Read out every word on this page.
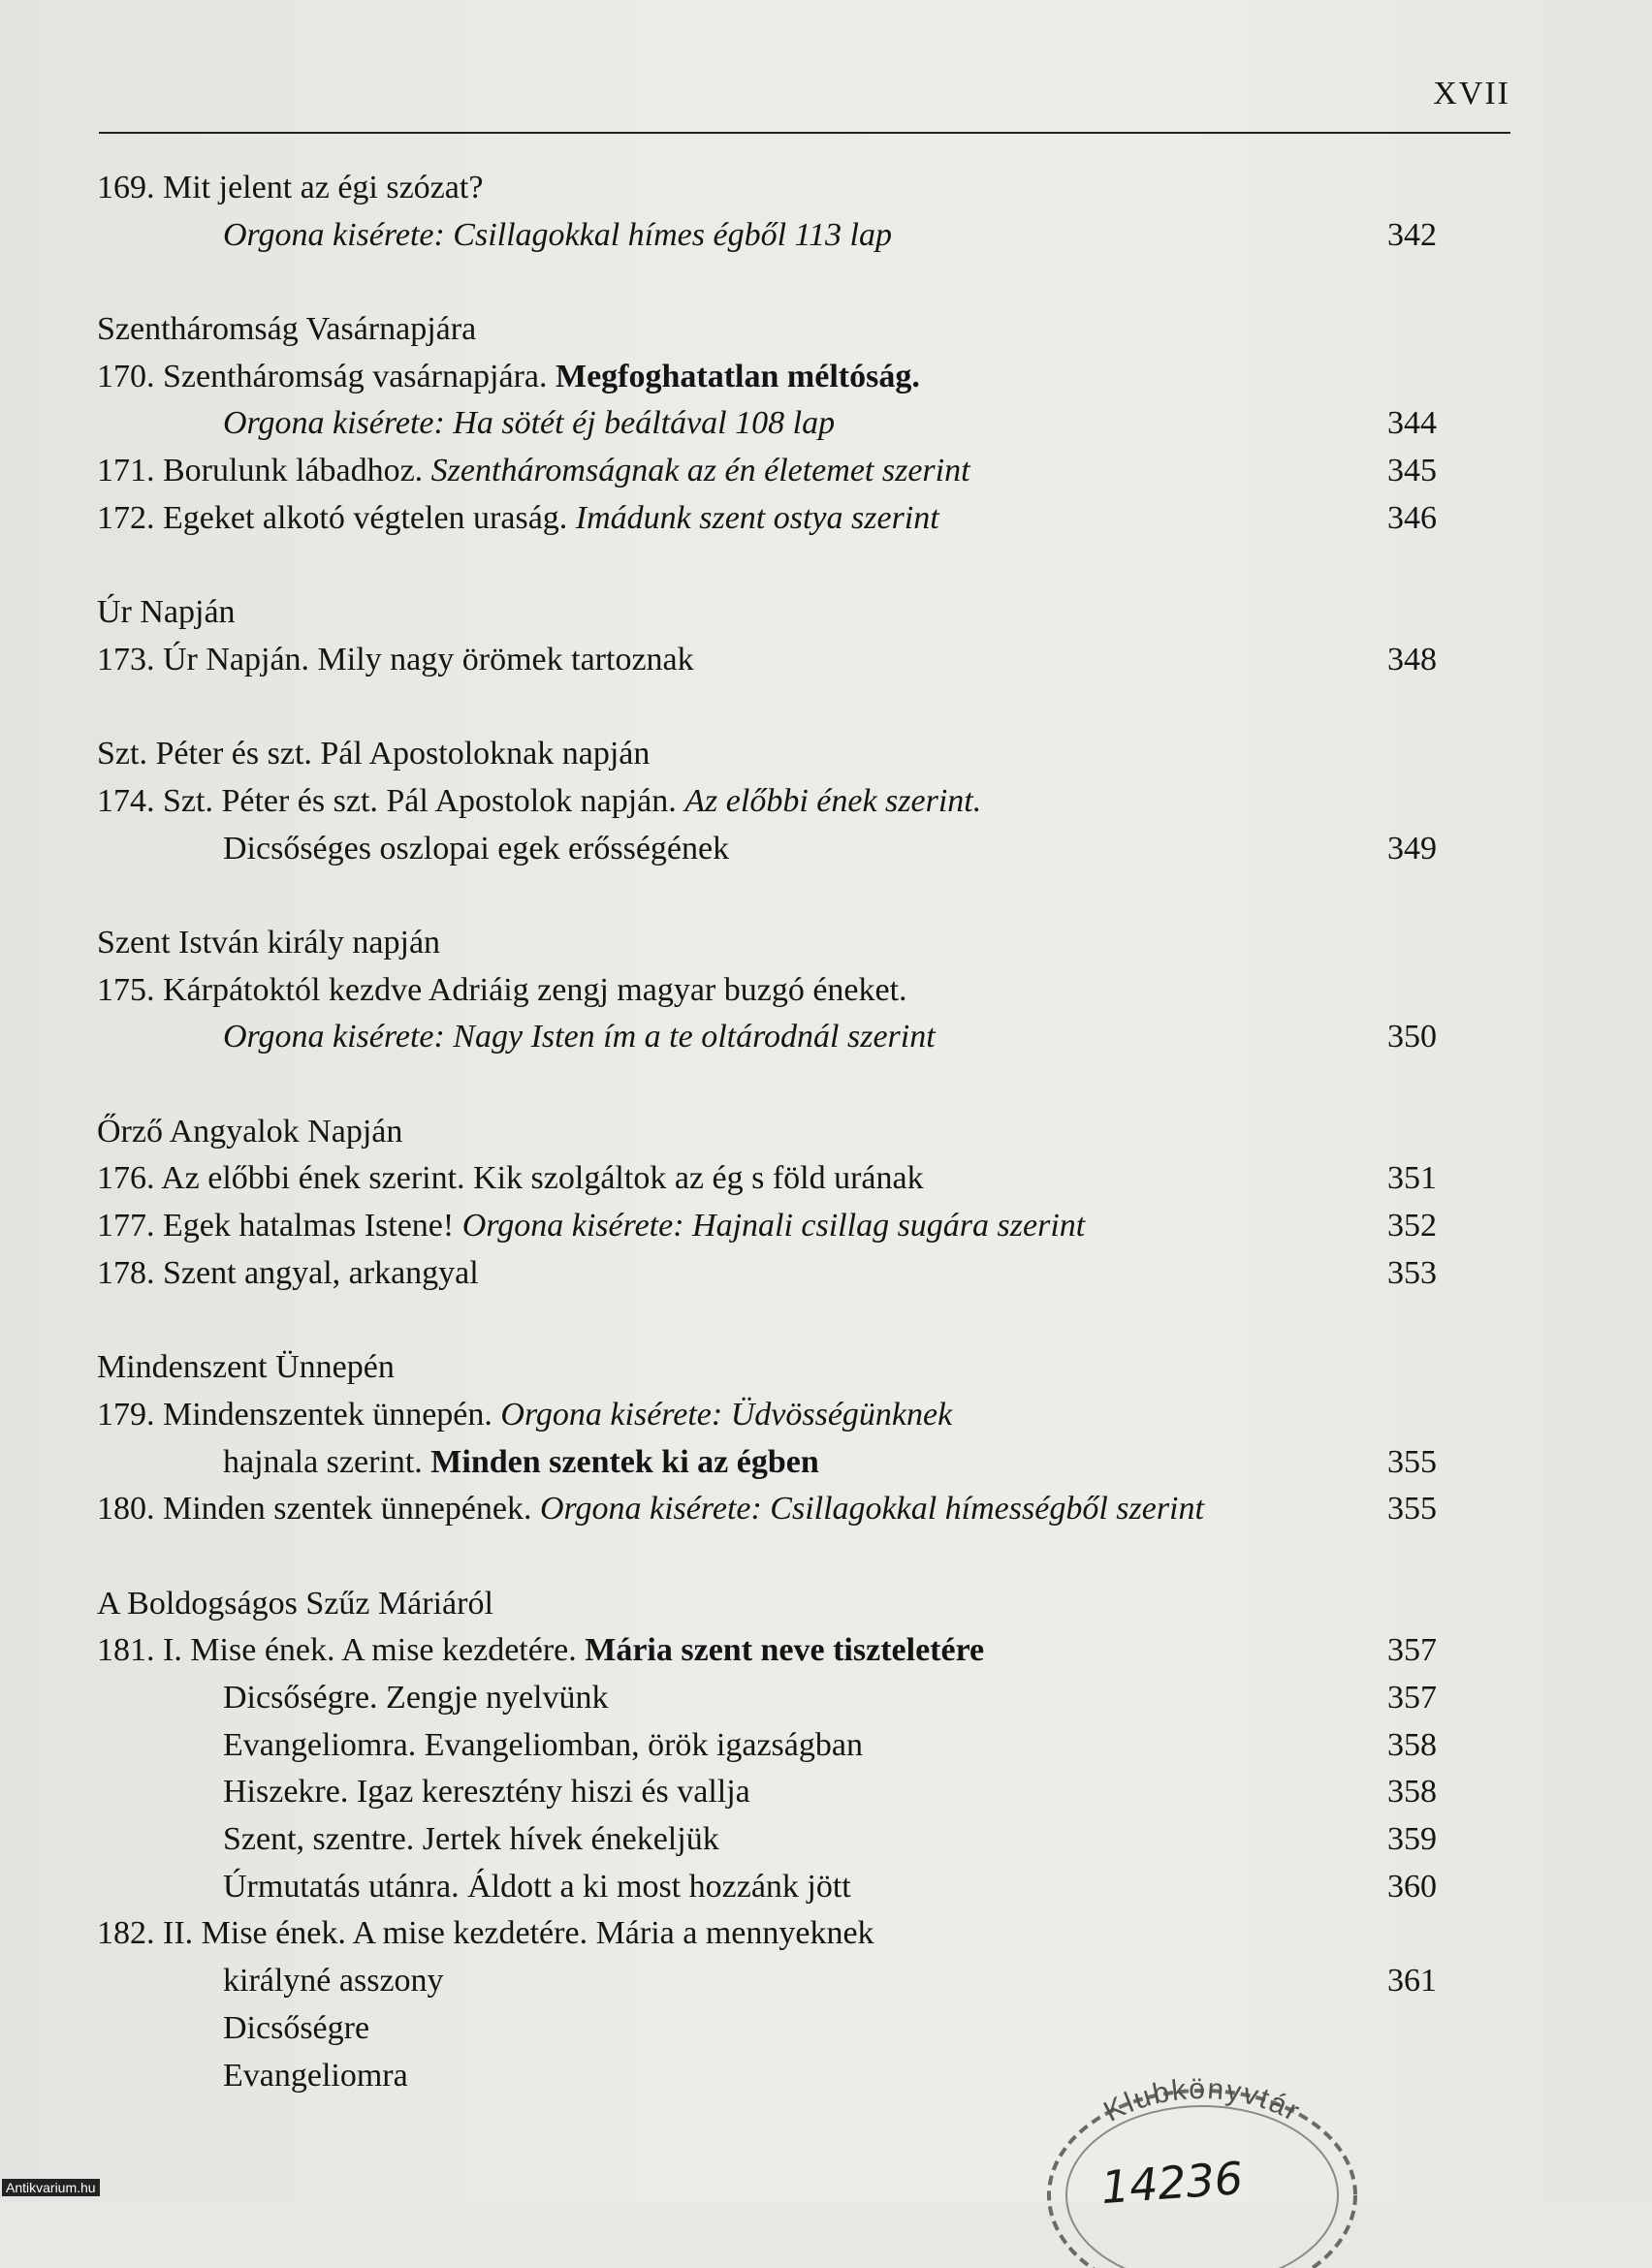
XVII
169. Mit jelent az égi szózat?
Orgona kisérete: Csillagokkal hímes égből 113 lap	342
Szentháromság Vasárnapjára
170. Szentháromság vasárnapjára. Megfoghatatlan méltóság.
Orgona kisérete: Ha sötét éj beáltával 108 lap	344
171. Borulunk lábadhoz. Szentháromságnak az én életemet szerint	345
172. Egeket alkotó végtelen uraság. Imádunk szent ostya szerint	346
Úr Napján
173. Úr Napján. Mily nagy örömek tartoznak	348
Szt. Péter és szt. Pál Apostoloknak napján
174. Szt. Péter és szt. Pál Apostolok napján. Az előbbi ének szerint.
Dicsőséges oszlopai egek erősségének	349
Szent István király napján
175. Kárpátoktól kezdve Adriáig zengj magyar buzgó éneket.
Orgona kisérete: Nagy Isten ím a te oltárodnál szerint	350
Őrző Angyalok Napján
176. Az előbbi ének szerint. Kik szolgáltok az ég s föld urának	351
177. Egek hatalmas Istene! Orgona kisérete: Hajnali csillag sugára szerint	352
178. Szent angyal, arkangyal	353
Mindenszent Ünnepén
179. Mindenszentek ünnepén. Orgona kisérete: Üdvösségünknek
hajnala szerint. Minden szentek ki az égben	355
180. Minden szentek ünnepének. Orgona kisérete: Csillagokkal hímességből szerint	355
A Boldogságos Szűz Máriáról
181. I. Mise ének. A mise kezdetére. Mária szent neve tiszteletére	357
Dicsőségre. Zengje nyelvünk	357
Evangeliomra. Evangeliomban, örök igazságban	358
Hiszekre. Igaz keresztény hiszi és vallja	358
Szent, szentre. Jertek hívek énekeljük	359
Úrmutatás utánra. Áldott a ki most hozzánk jött	360
182. II. Mise ének. A mise kezdetére. Mária a mennyeknek
királyné asszony	361
Dicsőségre
Evangeliomra
Klubkönyvtár
14236
Antikvarium.hu
